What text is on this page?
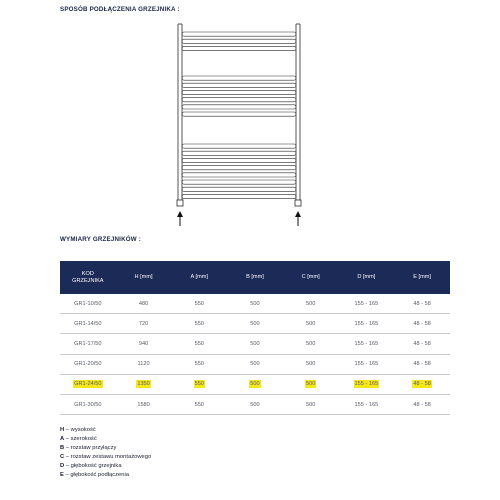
SPOSÓB PODŁĄCZENIA GRZEJNIKA :
WYMIARY GRZEJNIKÓW :
KOD
GRZEJNIKA	H [mm]	A [mm]	B [mm]	C [mm]	D [mm]	E [mm]
GR1-10/50	480	550	500	500	155 - 165	48 - 58
GR1-14/50	720	550	500	500	155 - 165	48 - 58
GR1-17/50	940	550	500	500	155 - 165	48 - 58
GR1-20/50	1120	550	500	500	155 - 165	48 - 58
GR1-24/50	1350	550	500	500	155 - 165	48 - 58
GR1-30/50	1580	550	500	500	155 - 165	48 - 58
H – wysokość
A – szerokość
B – rozstaw przyłączy
C – rozstaw zestawu montażowego
D – głębokość grzejnika
E – głębokość podłączenia
